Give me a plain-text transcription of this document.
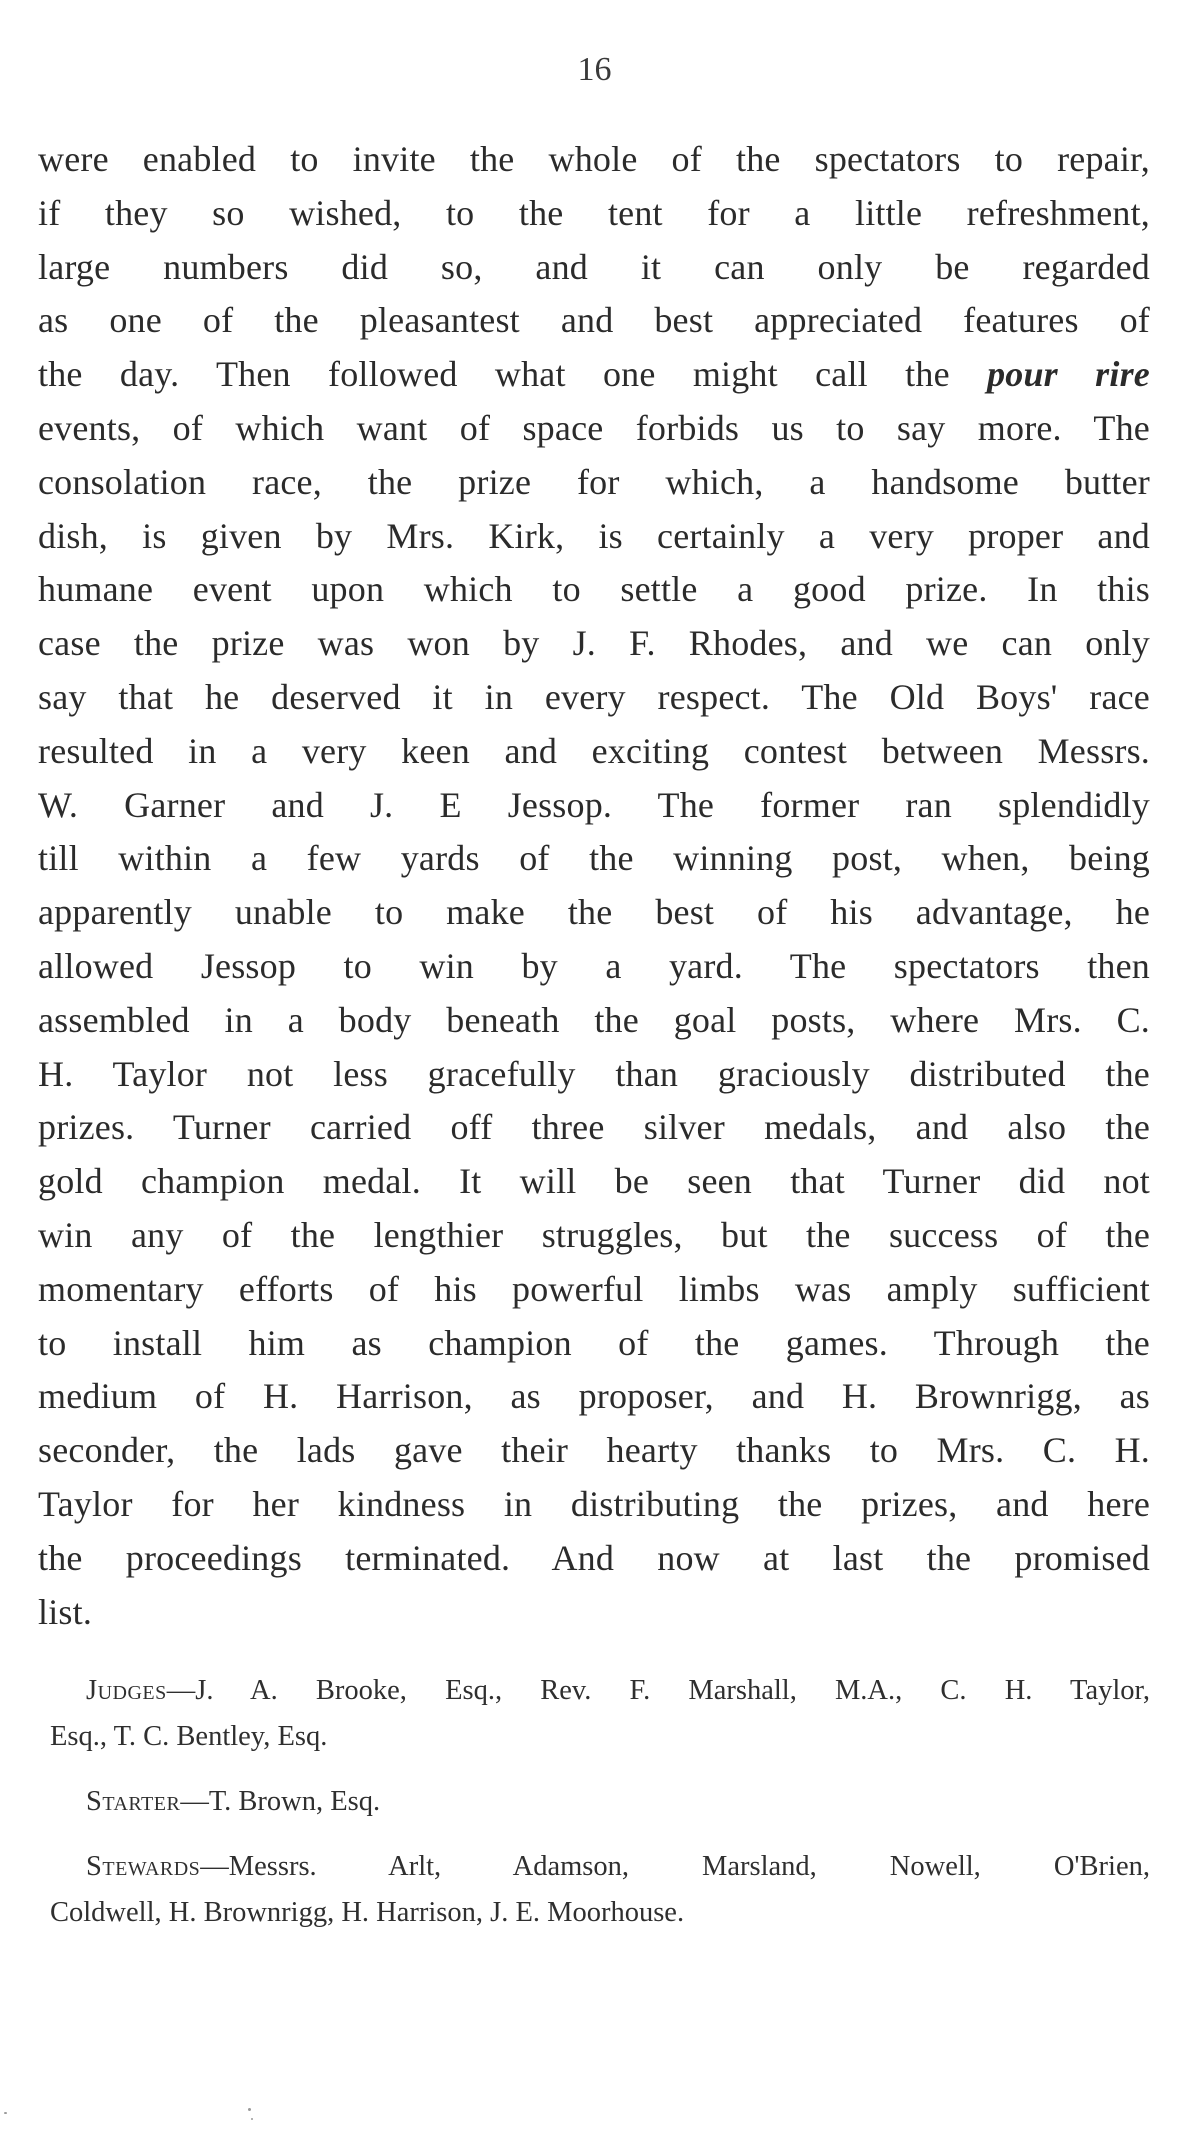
16
were enabled to invite the whole of the spectators to repair,
if they so wished, to the tent for a little refreshment,
large numbers did so, and it can only be regarded
as one of the pleasantest and best appreciated features of
the day. Then followed what one might call the pour rire
events, of which want of space forbids us to say more. The
consolation race, the prize for which, a handsome butter
dish, is given by Mrs. Kirk, is certainly a very proper and
humane event upon which to settle a good prize. In this
case the prize was won by J. F. Rhodes, and we can only
say that he deserved it in every respect. The Old Boys' race
resulted in a very keen and exciting contest between Messrs.
W. Garner and J. E Jessop. The former ran splendidly
till within a few yards of the winning post, when, being
apparently unable to make the best of his advantage, he
allowed Jessop to win by a yard. The spectators then
assembled in a body beneath the goal posts, where Mrs. C.
H. Taylor not less gracefully than graciously distributed the
prizes. Turner carried off three silver medals, and also the
gold champion medal. It will be seen that Turner did not
win any of the lengthier struggles, but the success of the
momentary efforts of his powerful limbs was amply sufficient
to install him as champion of the games. Through the
medium of H. Harrison, as proposer, and H. Brownrigg, as
seconder, the lads gave their hearty thanks to Mrs. C. H.
Taylor for her kindness in distributing the prizes, and here
the proceedings terminated. And now at last the promised
list.
Judges—J. A. Brooke, Esq., Rev. F. Marshall, M.A., C. H. Taylor,
Esq., T. C. Bentley, Esq.
Starter—T. Brown, Esq.
Stewards—Messrs. Arlt, Adamson, Marsland, Nowell, O'Brien,
Coldwell, H. Brownrigg, H. Harrison, J. E. Moorhouse.
